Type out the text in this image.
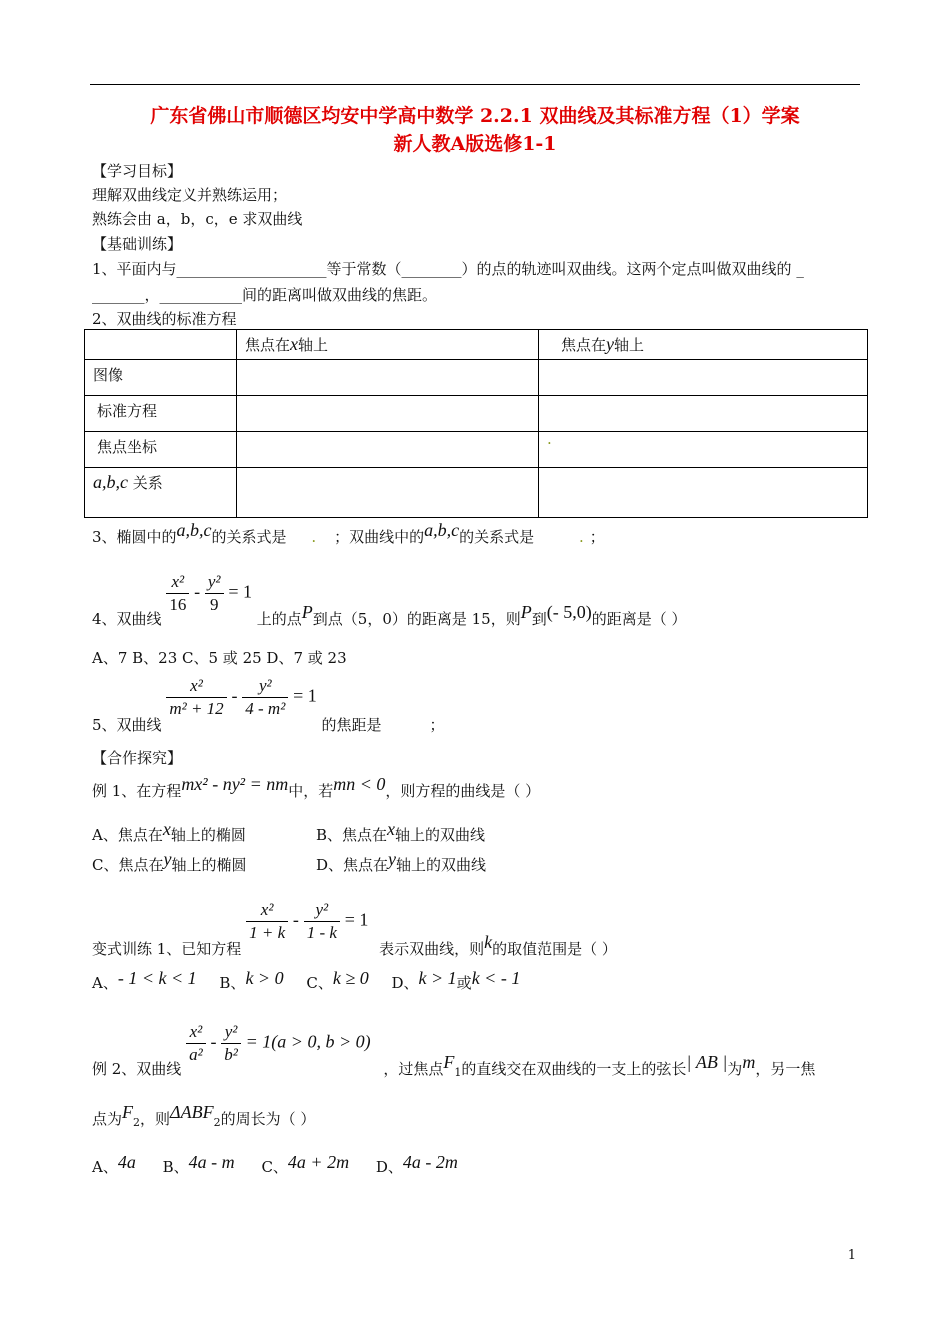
广东省佛山市顺德区均安中学高中数学 2.2.1 双曲线及其标准方程（1）学案
新人教A版选修1-1
【学习目标】
理解双曲线定义并熟练运用；
熟练会由 a，b，c，e 求双曲线
【基础训练】
1、平面内与____________________等于常数（________）的点的轨迹叫双曲线。这两个定点叫做双曲线的 _
_______，___________间的距离叫做双曲线的焦距。
2、双曲线的标准方程
	焦点在x轴上	焦点在y轴上
图像		
标准方程		
焦点坐标		.
a,b,c 关系		
3、椭圆中的a,b,c的关系式是 . ；双曲线中的a,b,c的关系式是	. ；
4、双曲线
$\frac{\text{x²}}{16} - \frac{\text{y²}}{9} = 1$ 上的点P到点（5，0）的距离是 15，则P到(- 5,0)的距离是（ ）
A、7 B、23 C、5 或 25 D、7 或 23
5、双曲线
$\frac{\text{x²}}{\text{m² + 12}} - \frac{\text{y²}}{\text{4 - m²}} = 1$ 的焦距是	；
【合作探究】
例 1、在方程mx² - ny² = nm中，若mn < 0，则方程的曲线是（ ）
A、焦点在x轴上的椭圆	B、焦点在x轴上的双曲线
C、焦点在y轴上的椭圆	D、焦点在y轴上的双曲线
变式训练 1、已知方程
$\frac{\text{x²}}{1 + k} - \frac{\text{y²}}{1 - k} = 1$ 表示双曲线，则k的取值范围是（ ）
A、- 1 < k < 1 B、k > 0 C、k ≥ 0 D、k > 1或k < - 1
例 2、双曲线
$\frac{\text{x²}}{\text{a²}} - \frac{\text{y²}}{\text{b²}} = 1(a > 0$, b > 0) ，过焦点$F_1$的直线交在双曲线的一支上的弦长| AB |为m，另一焦
点为$F_2$，则$\Delta ABF_2$的周长为（ ）
A、4a B、4a - m C、4a + 2m D、4a - 2m
1
